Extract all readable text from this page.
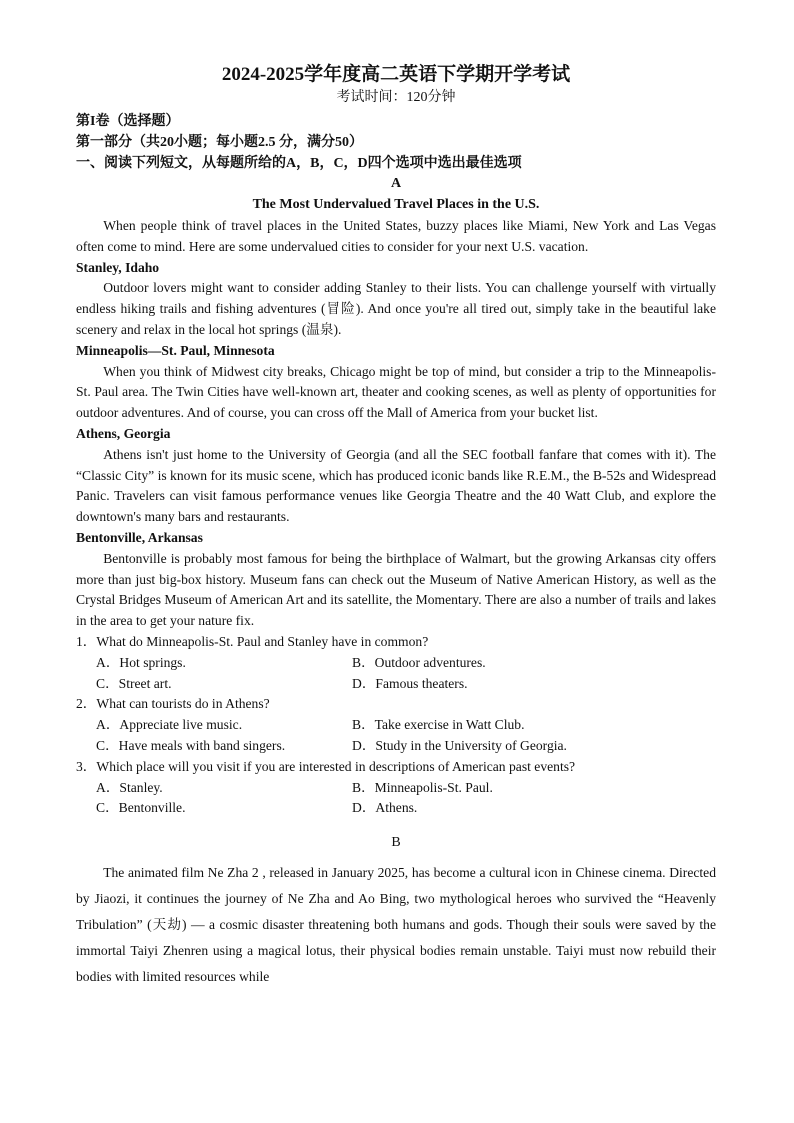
2024-2025学年度高二英语下学期开学考试

考试时间：120分钟

第I卷（选择题）

第一部分（共20小题；每小题2.5 分，满分50）

一、阅读下列短文，从每题所给的A，B，C，D四个选项中选出最佳选项

A

The Most Undervalued Travel Places in the U.S.

When people think of travel places in the United States, buzzy places like Miami, New York and Las Vegas often come to mind. Here are some undervalued cities to consider for your next U.S. vacation.

Stanley, Idaho

Outdoor lovers might want to consider adding Stanley to their lists. You can challenge yourself with virtually endless hiking trails and fishing adventures (冒险). And once you're all tired out, simply take in the beautiful lake scenery and relax in the local hot springs (温泉).

Minneapolis—St. Paul, Minnesota

When you think of Midwest city breaks, Chicago might be top of mind, but consider a trip to the Minneapolis-St. Paul area. The Twin Cities have well-known art, theater and cooking scenes, as well as plenty of opportunities for outdoor adventures. And of course, you can cross off the Mall of America from your bucket list.

Athens, Georgia

Athens isn't just home to the University of Georgia (and all the SEC football fanfare that comes with it). The “Classic City” is known for its music scene, which has produced iconic bands like R.E.M., the B-52s and Widespread Panic. Travelers can visit famous performance venues like Georgia Theatre and the 40 Watt Club, and explore the downtown's many bars and restaurants.

Bentonville, Arkansas

Bentonville is probably most famous for being the birthplace of Walmart, but the growing Arkansas city offers more than just big-box history. Museum fans can check out the Museum of Native American History, as well as the Crystal Bridges Museum of American Art and its satellite, the Momentary. There are also a number of trails and lakes in the area to get your nature fix.

1．What do Minneapolis-St. Paul and Stanley have in common?

A．Hot springs.	B．Outdoor adventures.
C．Street art.	D．Famous theaters.

2．What can tourists do in Athens?

A．Appreciate live music.	B．Take exercise in Watt Club.
C．Have meals with band singers.	D．Study in the University of Georgia.

3．Which place will you visit if you are interested in descriptions of American past events?

A．Stanley.	B．Minneapolis-St. Paul.
C．Bentonville.	D．Athens.

B

The animated film Ne Zha 2 , released in January 2025, has become a cultural icon in Chinese cinema. Directed by Jiaozi, it continues the journey of Ne Zha and Ao Bing, two mythological heroes who survived the “Heavenly Tribulation” (天劫) — a cosmic disaster threatening both humans and gods. Though their souls were saved by the immortal Taiyi Zhenren using a magical lotus, their physical bodies remain unstable. Taiyi must now rebuild their bodies with limited resources while
